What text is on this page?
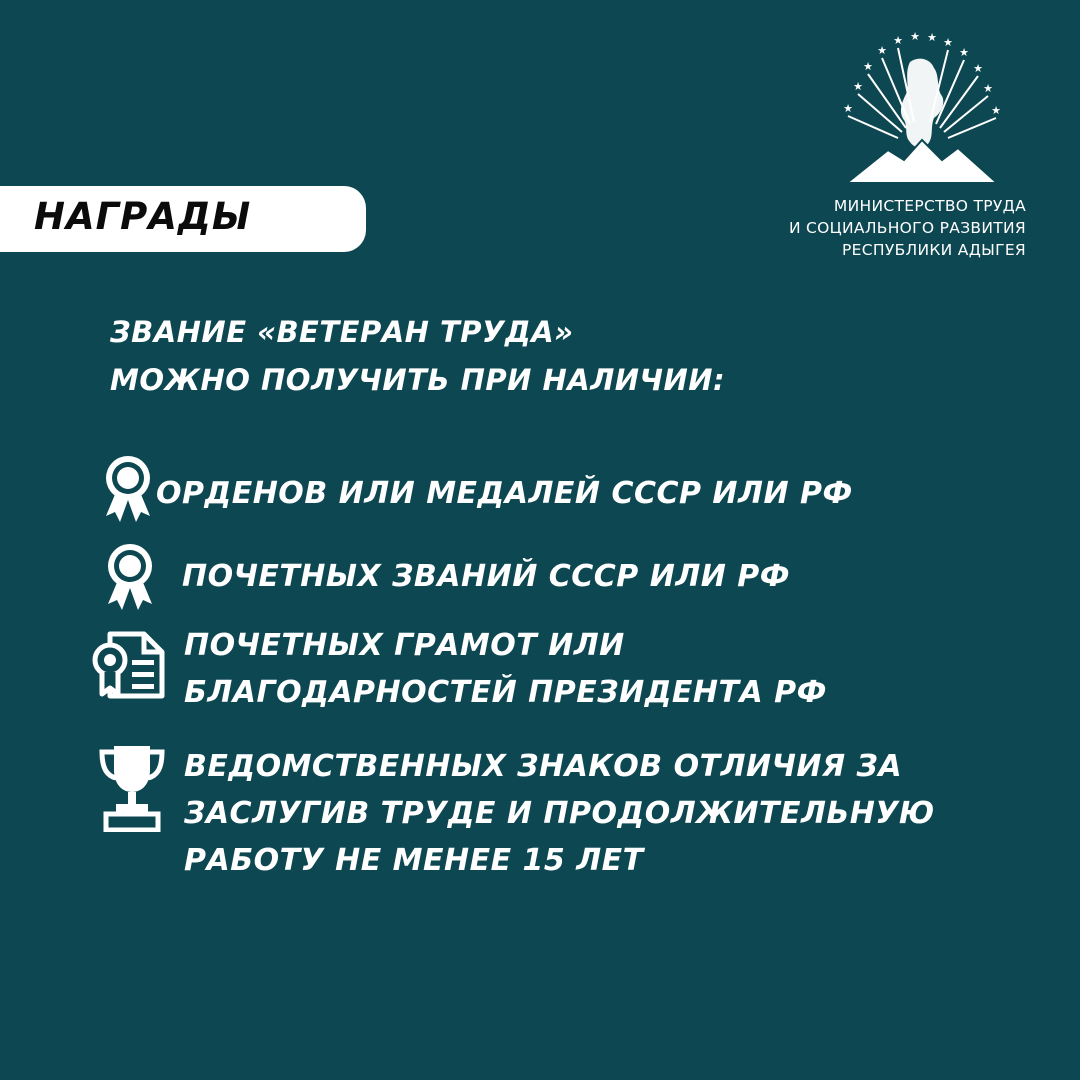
НАГРАДЫ
★
★
★
★ ★ ★ ★
★
★
★
★	★
МИНИСТЕРСТВО ТРУДА
И СОЦИАЛЬНОГО РАЗВИТИЯ
РЕСПУБЛИКИ АДЫГЕЯ
ЗВАНИЕ «ВЕТЕРАН ТРУДА»
МОЖНО ПОЛУЧИТЬ ПРИ НАЛИЧИИ:
ОРДЕНОВ ИЛИ МЕДАЛЕЙ СССР ИЛИ РФ
ПОЧЕТНЫХ ЗВАНИЙ СССР ИЛИ РФ
ПОЧЕТНЫХ ГРАМОТ ИЛИ
БЛАГОДАРНОСТЕЙ ПРЕЗИДЕНТА РФ
ВЕДОМСТВЕННЫХ ЗНАКОВ ОТЛИЧИЯ ЗА
ЗАСЛУГИВ ТРУДЕ И ПРОДОЛЖИТЕЛЬНУЮ
РАБОТУ НЕ МЕНЕЕ 15 ЛЕТ
